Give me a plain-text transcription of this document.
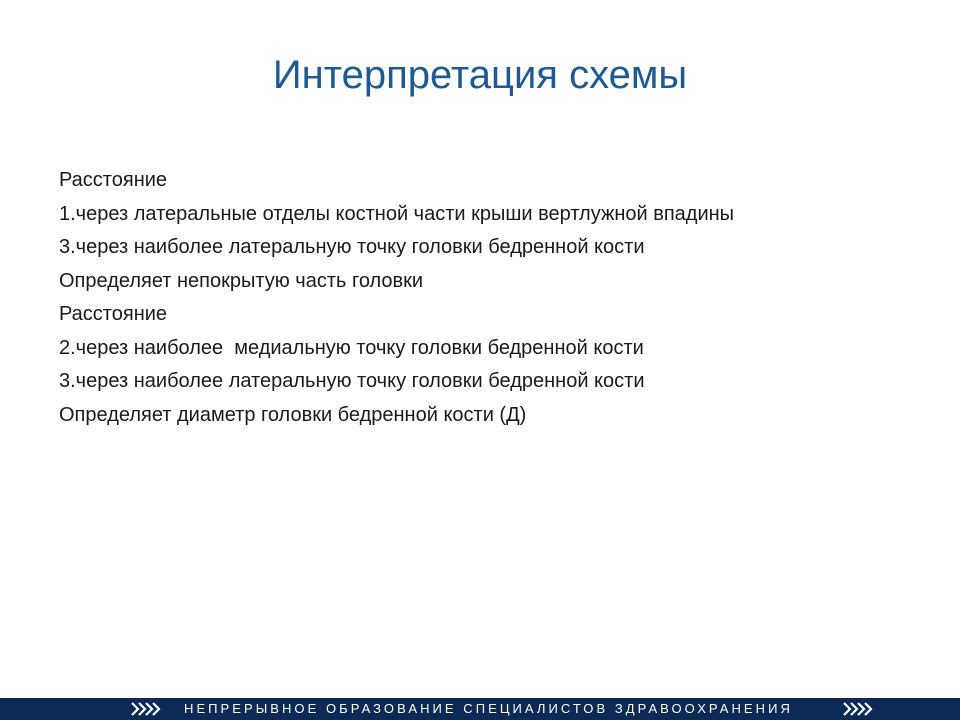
Интерпретация схемы
Расстояние
1.через латеральные отделы костной части крыши вертлужной впадины
3.через наиболее латеральную точку головки бедренной кости
Определяет непокрытую часть головки
Расстояние
2.через наиболее  медиальную точку головки бедренной кости
3.через наиболее латеральную точку головки бедренной кости
Определяет диаметр головки бедренной кости (Д)
НЕПРЕРЫВНОЕ ОБРАЗОВАНИЕ СПЕЦИАЛИСТОВ ЗДРАВООХРАНЕНИЯ
